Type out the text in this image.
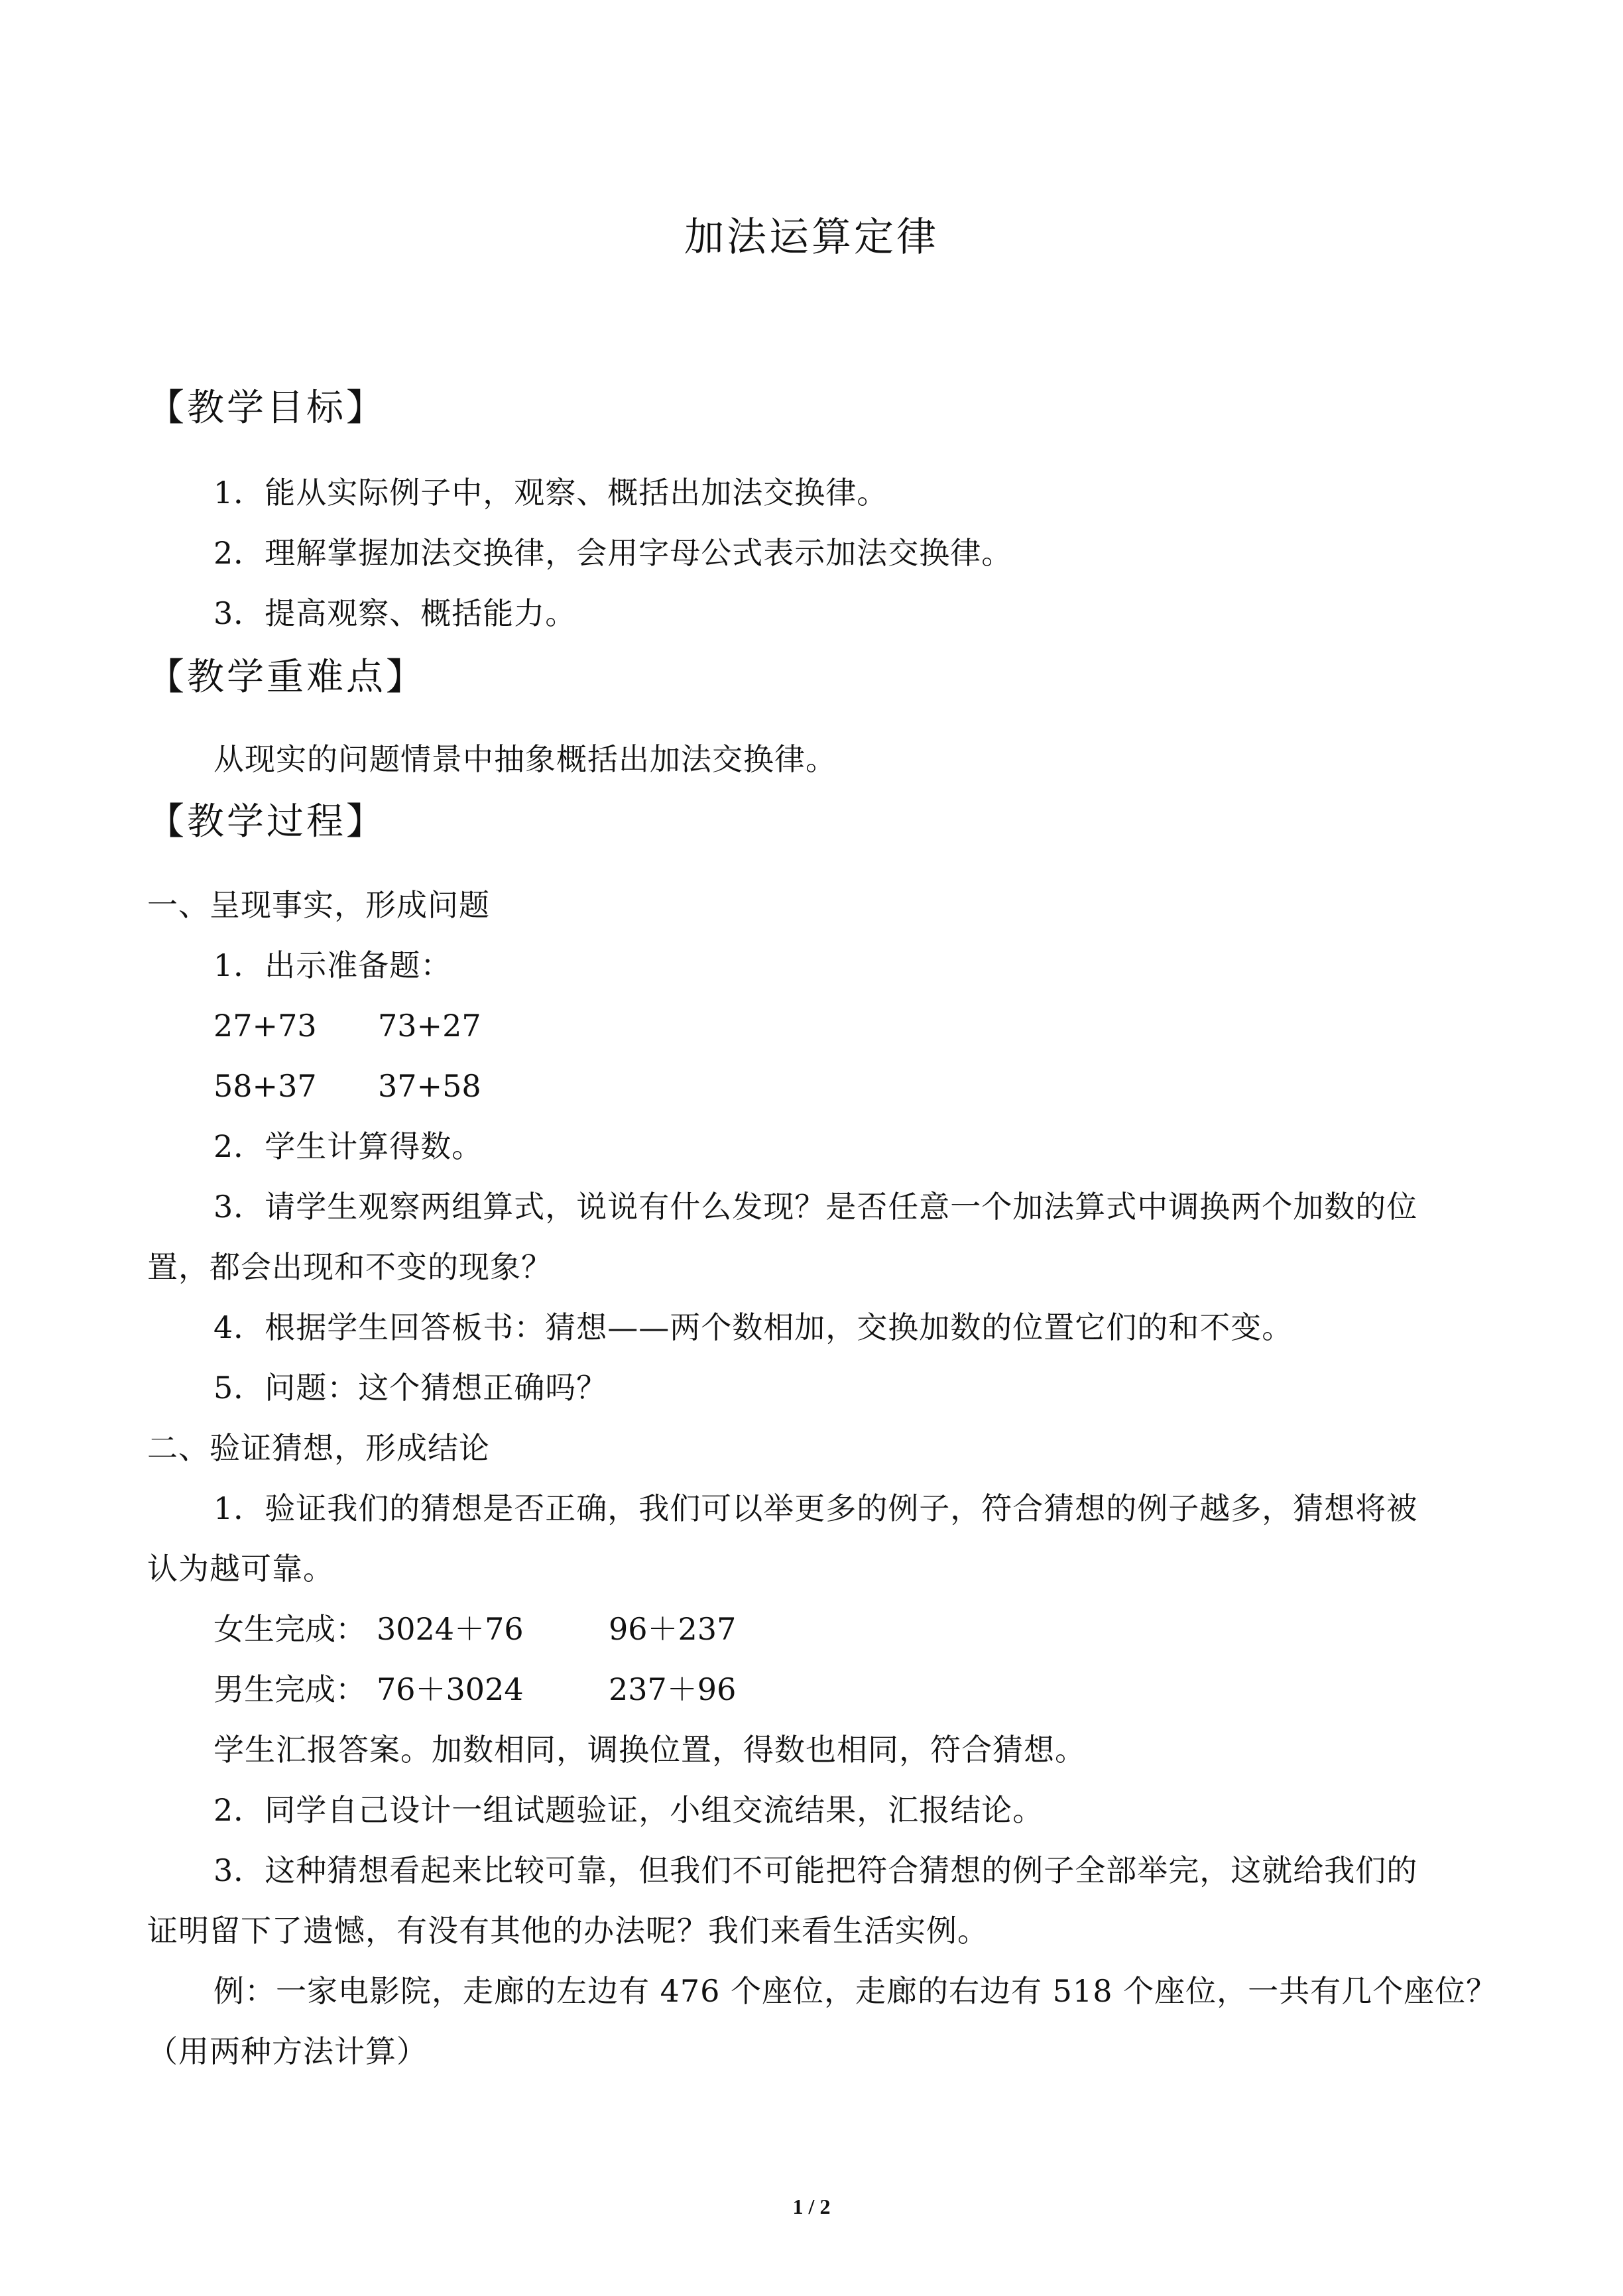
加法运算定律
【教学目标】
1．能从实际例子中，观察、概括出加法交换律。
2．理解掌握加法交换律，会用字母公式表示加法交换律。
3．提高观察、概括能力。
【教学重难点】
从现实的问题情景中抽象概括出加法交换律。
【教学过程】
一、呈现事实，形成问题
1．出示准备题：
27+73 73+27
58+37 37+58
2．学生计算得数。
3．请学生观察两组算式，说说有什么发现？是否任意一个加法算式中调换两个加数的位
置，都会出现和不变的现象？
4．根据学生回答板书：猜想——两个数相加，交换加数的位置它们的和不变。
5．问题：这个猜想正确吗？
二、验证猜想，形成结论
1．验证我们的猜想是否正确，我们可以举更多的例子，符合猜想的例子越多，猜想将被
认为越可靠。
女生完成： 3024＋76	96＋237
男生完成： 76＋3024	237＋96
学生汇报答案。加数相同，调换位置，得数也相同，符合猜想。
2．同学自己设计一组试题验证，小组交流结果，汇报结论。
3．这种猜想看起来比较可靠，但我们不可能把符合猜想的例子全部举完，这就给我们的
证明留下了遗憾，有没有其他的办法呢？我们来看生活实例。
例：一家电影院，走廊的左边有 476 个座位，走廊的右边有 518 个座位，一共有几个座位？
（用两种方法计算）
1 / 2
